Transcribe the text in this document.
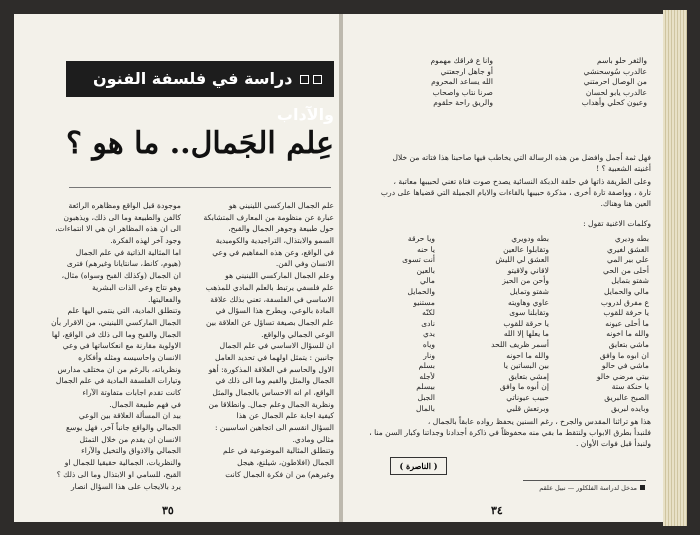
دراسة في فلسفة الفنون والآداب
عِلم الجَمال.. ما هو ؟
علم الجمال الماركسي اللينيني هو
عبارة عن منظومة من المعارف المتشابكة
حول طبيعة وجوهر الجمال والقبح،
السمو والابتذال، التراجيدية والكوميدية
في الواقع، وعن هذه المفاهيم في وعي
الانسان وفي الفن.
وعلم الجمال الماركسي اللينيني هو
علم فلسفي يرتبط بالعلم المادي للمذهب
الاساسي في الفلسفة، تعني بذلك علاقة
المادة بالوعي، ويطرح هذا السؤال في
علم الجمال بصيغة تساؤل عن العلاقة بين
الوعي الجمالي والواقع.
ان للسؤال الاساسي في علم الجمال
جانبين : يتمثل اولهما في تحديد العامل
الاول والحاسم في العلاقة المذكورة: أهو
الجمال والمثل والقيم وما الى ذلك في
الواقع، ام انه الاحساس بالجمال والمثل
ونظرية الجمال وعلم جمال. وانطلاقا من
كيفية اجابة علم الجمال عن هذا
السؤال انقسم الى اتجاهين اساسيين :
مثالي ومادي.
وتنطلق المثالية الموضوعية في علم
الجمال (افلاطون، شيلنغ، هيجل
وغيرهم) من ان فكرة الجمال كانت
موجودة قبل الواقع ومظاهره الرائعة
كالفن والطبيعة وما الى ذلك، ويذهبون
الى ان هذه المظاهر ان هي الا انتماءات،
وجود آخر لهذه الفكرة.
اما المثالية الذاتية في علم الجمال
(هيوم، كانط، سانتايانا وغيرهم) فترى
ان الجمال (وكذلك القبح وسواه) مثال،
وهو نتاج وعي الذات البشرية
والفعاليتها.
وتنطلق المادية، التي ينتمي اليها علم
الجمال الماركسي اللينيني، من الاقرار بأن
الجمال والقبح وما الى ذلك في الواقع، لها
الاولوية مقارنة مع انعكاساتها في وعي
الانسان واحاسيسه ومثله وأفكاره
ونظرياته، بالرغم من ان مختلف مدارس
وتيارات الفلسفة المادية في علم الجمال
كانت تقدم اجابات متفاوتة الآراء
في فهم طبيعة الجمال.
بيد ان المسألة العلاقة بين الوعي
الجمالي والواقع جانباً آخر، فهل يوسع
الانسان ان يقدم من خلال التمثل
الجمالي والاذواق والتخيل والآراء
والنظريات، الجمالية حقيقيا للجمال او
القبح، للسامي او الابتذال وما الى ذلك ؟
يرد بالايجاب على هذا السؤال انصار
٣٥
والثغر حلو باسم
عالدرب سُوسحنشي
من الوصال احرمتني
عالدرب يابو لحسان
وعيون كحلي وأهداب
وانا ع فراقك مهموم
أو جاهل ارجعتني
الله يساعد المحروم
صرنا نتاب واصحاب
والريق راحة حلقوم
فهل ثمة أجمل وافضل من هذه الرسالة التي يخاطب فيها صاحبنا هذا فتاته من خلال
أغنيته الشعبية ؟ !
وعلى الطريقة ذاتها في حلقة الدبكة النسائية يصدح صوت فتاة تغني لحبيبها معاتبة ،
تارة ، وواصفة تارة أخرى ، مذكرة حبيبها بالقاءات والايام الجميلة التي قضياها على درب
العين هنا وهناك.
وكلمات الاغنية تقول :
بطه وديري
العشق لغيري
علي بير المي
أحلى من الحي
شفتو بتمايل
مالي والحمايل
ع مفرق لدروب
يا حرفة للقوب
ما أحلى عيونه
والله ما اخونه
ماشي بتعايق
ان ابوه ما وافق
ماشي في حالو
بيتي مرضي خالو
يا حنكة ستة
الصبح عالبريق
وبايده لبريق
بطه ودويري
وتقابلوا عالعين
العشق لي الليش
لاقاني ولاقيتو
وأحن من الحيز
شفتو وتمايل
عاوي وهاويته
وتقابلنا سوى
يا حرقة للقوب
ما يعلها إلا الله
أسمر ظريف اللحد
والله ما احونه
بين البساتين يا
إمشي بتعايق
إن أبوه ما وافق
حبيب عيوناتي
وبرتعش قلبي
ويا حرقة
يا حنه
أنت تسوى
بالعين
مالي
والحمايل
مستنيو
لكنّه
نادى
يدي
وياه
ونار
بسلم
لأجله
بيسلم
الجبل
بالمال
هذا هو تراثنا المقدس والجرح ، رغم السنين يحفظ رواده عابقاً بالجمال ،
فلنبدأ بطرق الابواب ولنتقط ما بقي منه محفوظاً في ذاكرة أجدادنا وجداتنا وكبار السن منا ،
ولنبدأ قبل فوات الأوان .
( الناصرة )
مدخل لدراسة الفلكلور — نبيل علقم
٣٤
